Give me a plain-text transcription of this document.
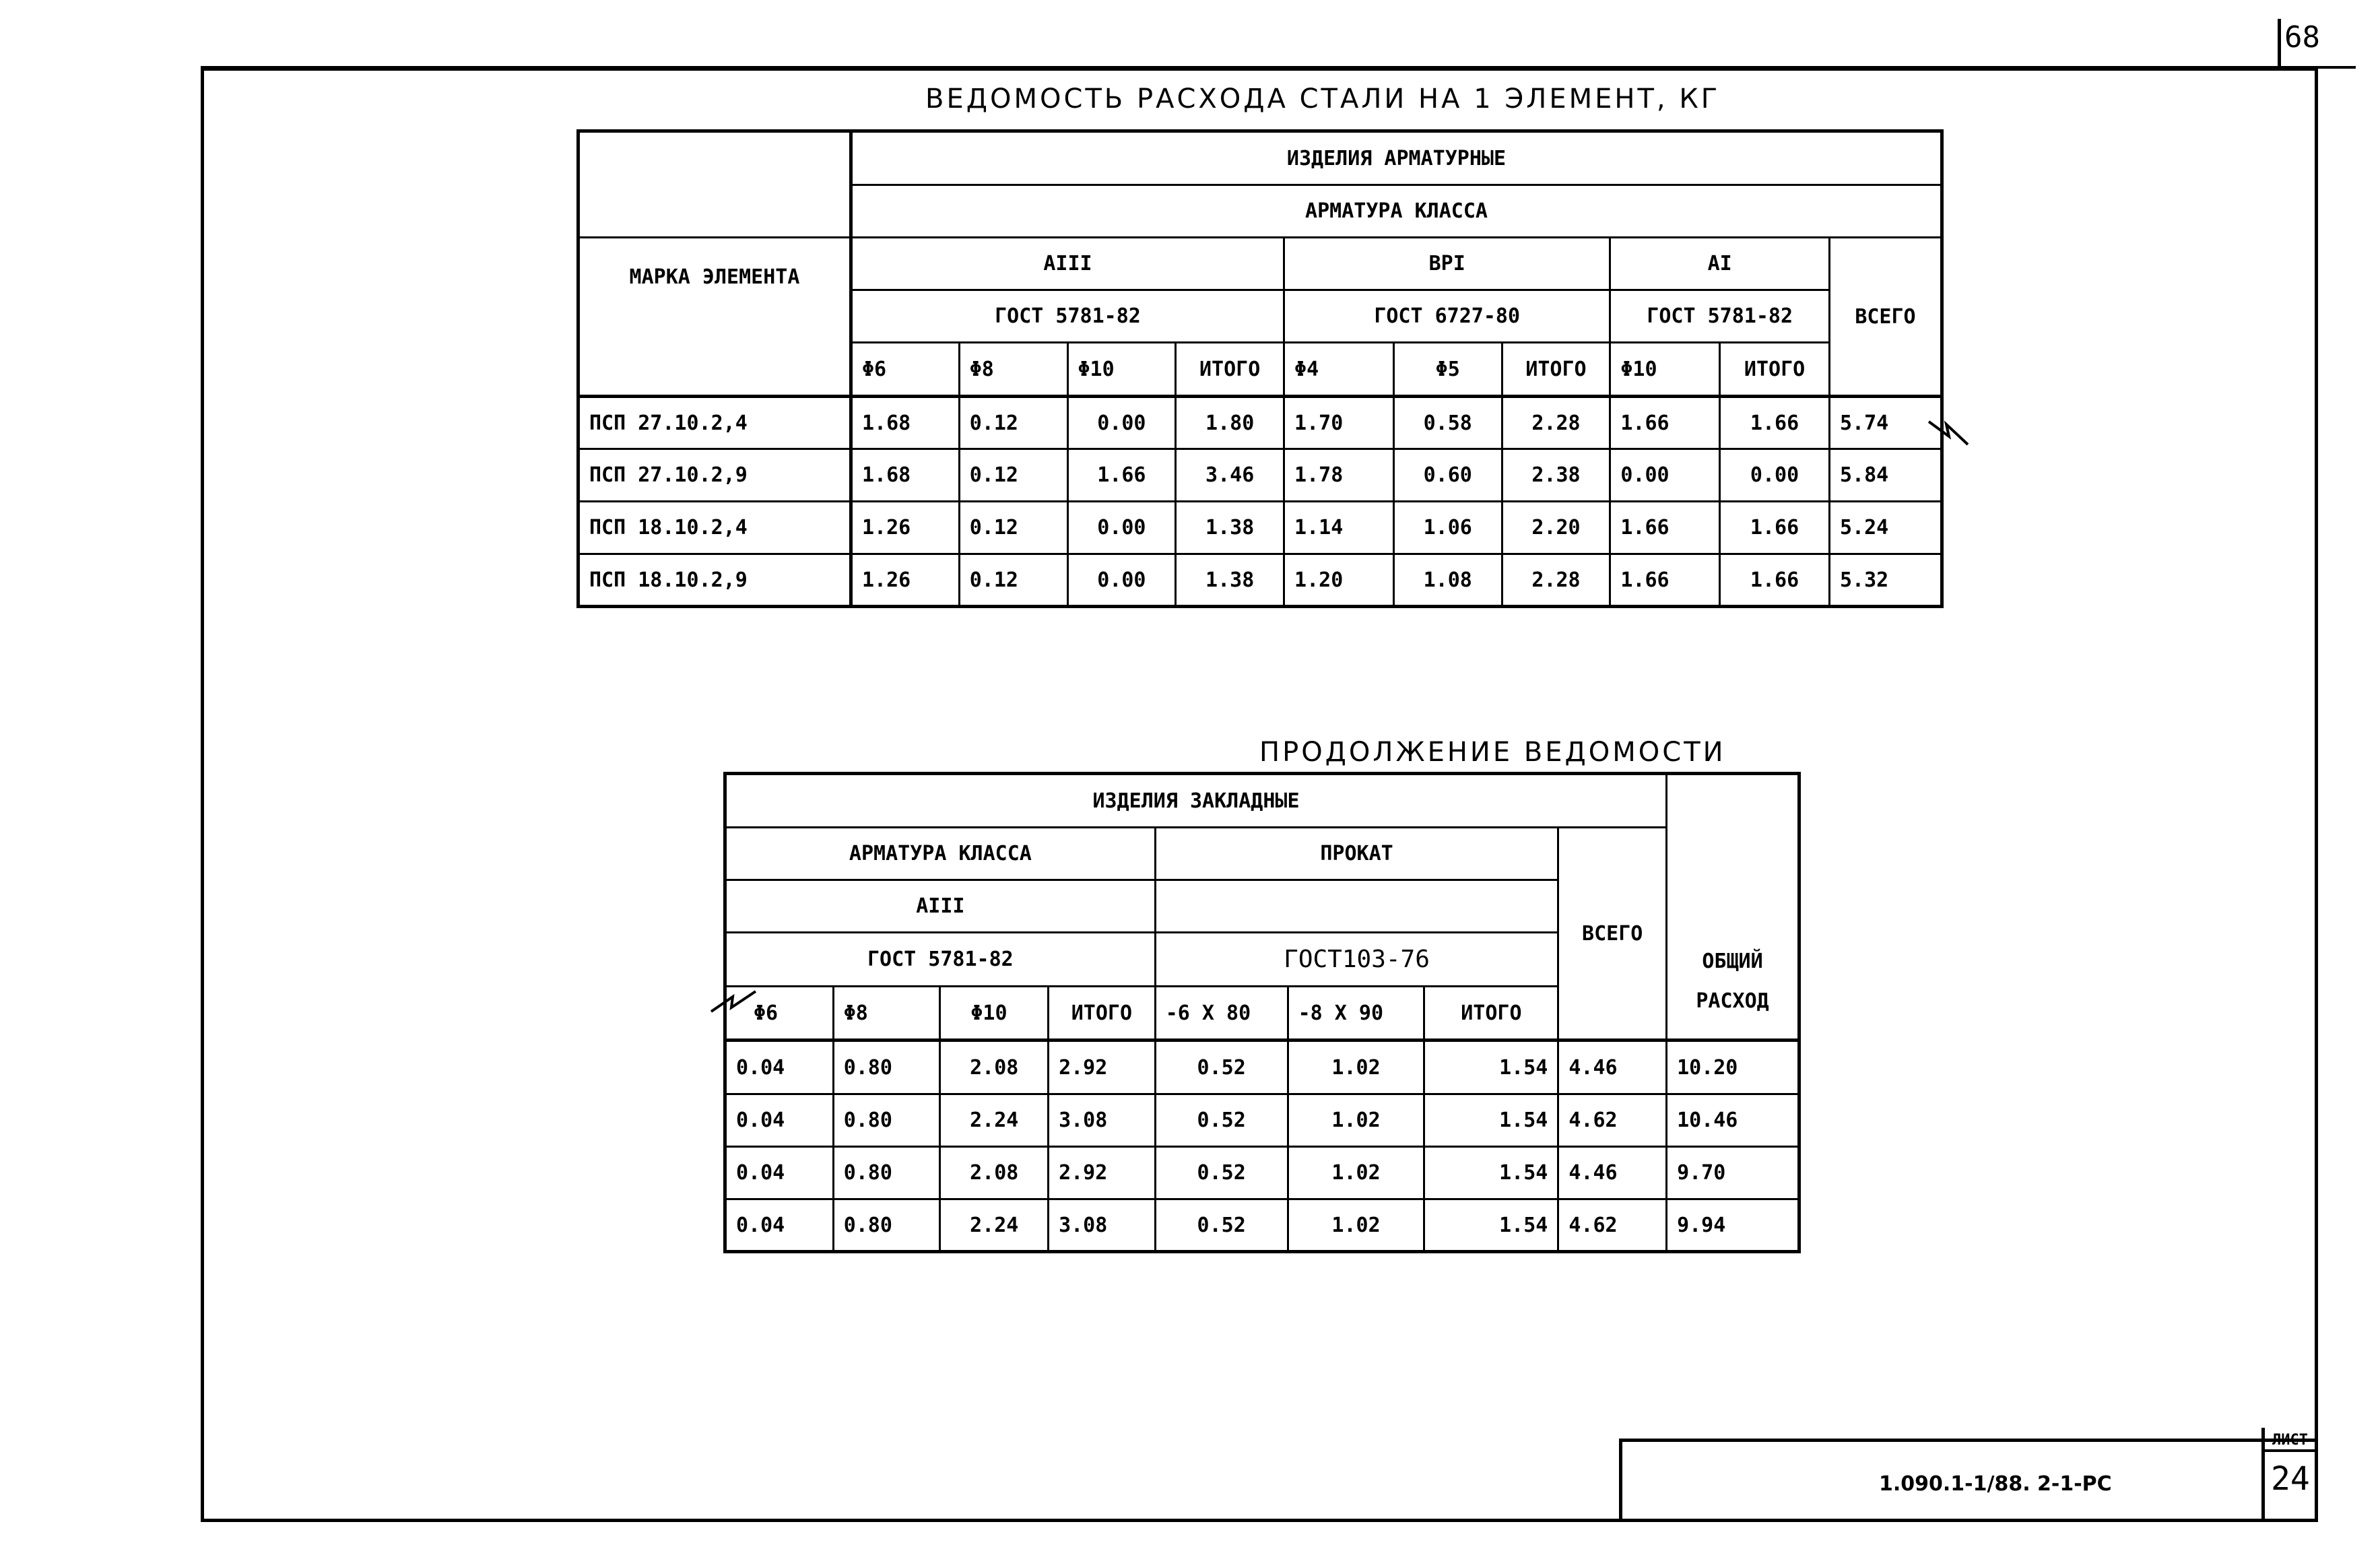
68
ВЕДОМОСТЬ РАСХОДА СТАЛИ НА 1 ЭЛЕМЕНТ, КГ
	ИЗДЕЛИЯ АРМАТУРНЫЕ									
	АРМАТУРА КЛАССА									
МАРКА ЭЛЕМЕНТА	AIII				BPI			AI		ВСЕГО
	ГОСТ 5781-82				ГОСТ 6727-80			ГОСТ 5781-82		
	Φ6	Φ8	Φ10	ИТОГО	Φ4	Φ5	ИТОГО	Φ10	ИТОГО	
ПСП 27.10.2,4	1.68	0.12	0.00	1.80	1.70	0.58	2.28	1.66	1.66	5.74
ПСП 27.10.2,9	1.68	0.12	1.66	3.46	1.78	0.60	2.38	0.00	0.00	5.84
ПСП 18.10.2,4	1.26	0.12	0.00	1.38	1.14	1.06	2.20	1.66	1.66	5.24
ПСП 18.10.2,9	1.26	0.12	0.00	1.38	1.20	1.08	2.28	1.66	1.66	5.32
ПРОДОЛЖЕНИЕ ВЕДОМОСТИ
ИЗДЕЛИЯ ЗАКЛАДНЫЕ								ОБЩИЙ
РАСХОД

АРМАТУРА КЛАССА				ПРОКАТ			ВСЕГО	
AIII								
ГОСТ 5781-82				ГОСТ103-76				
Φ6	Φ8	Φ10	ИТОГО	-6 Х 80	-8 Х 90	ИТОГО		
0.04	0.80	2.08	2.92	0.52	1.02	1.54	4.46	10.20
0.04	0.80	2.24	3.08	0.52	1.02	1.54	4.62	10.46
0.04	0.80	2.08	2.92	0.52	1.02	1.54	4.46	9.70
0.04	0.80	2.24	3.08	0.52	1.02	1.54	4.62	9.94
1.090.1-1/88. 2-1-PC
ЛИСТ
24
